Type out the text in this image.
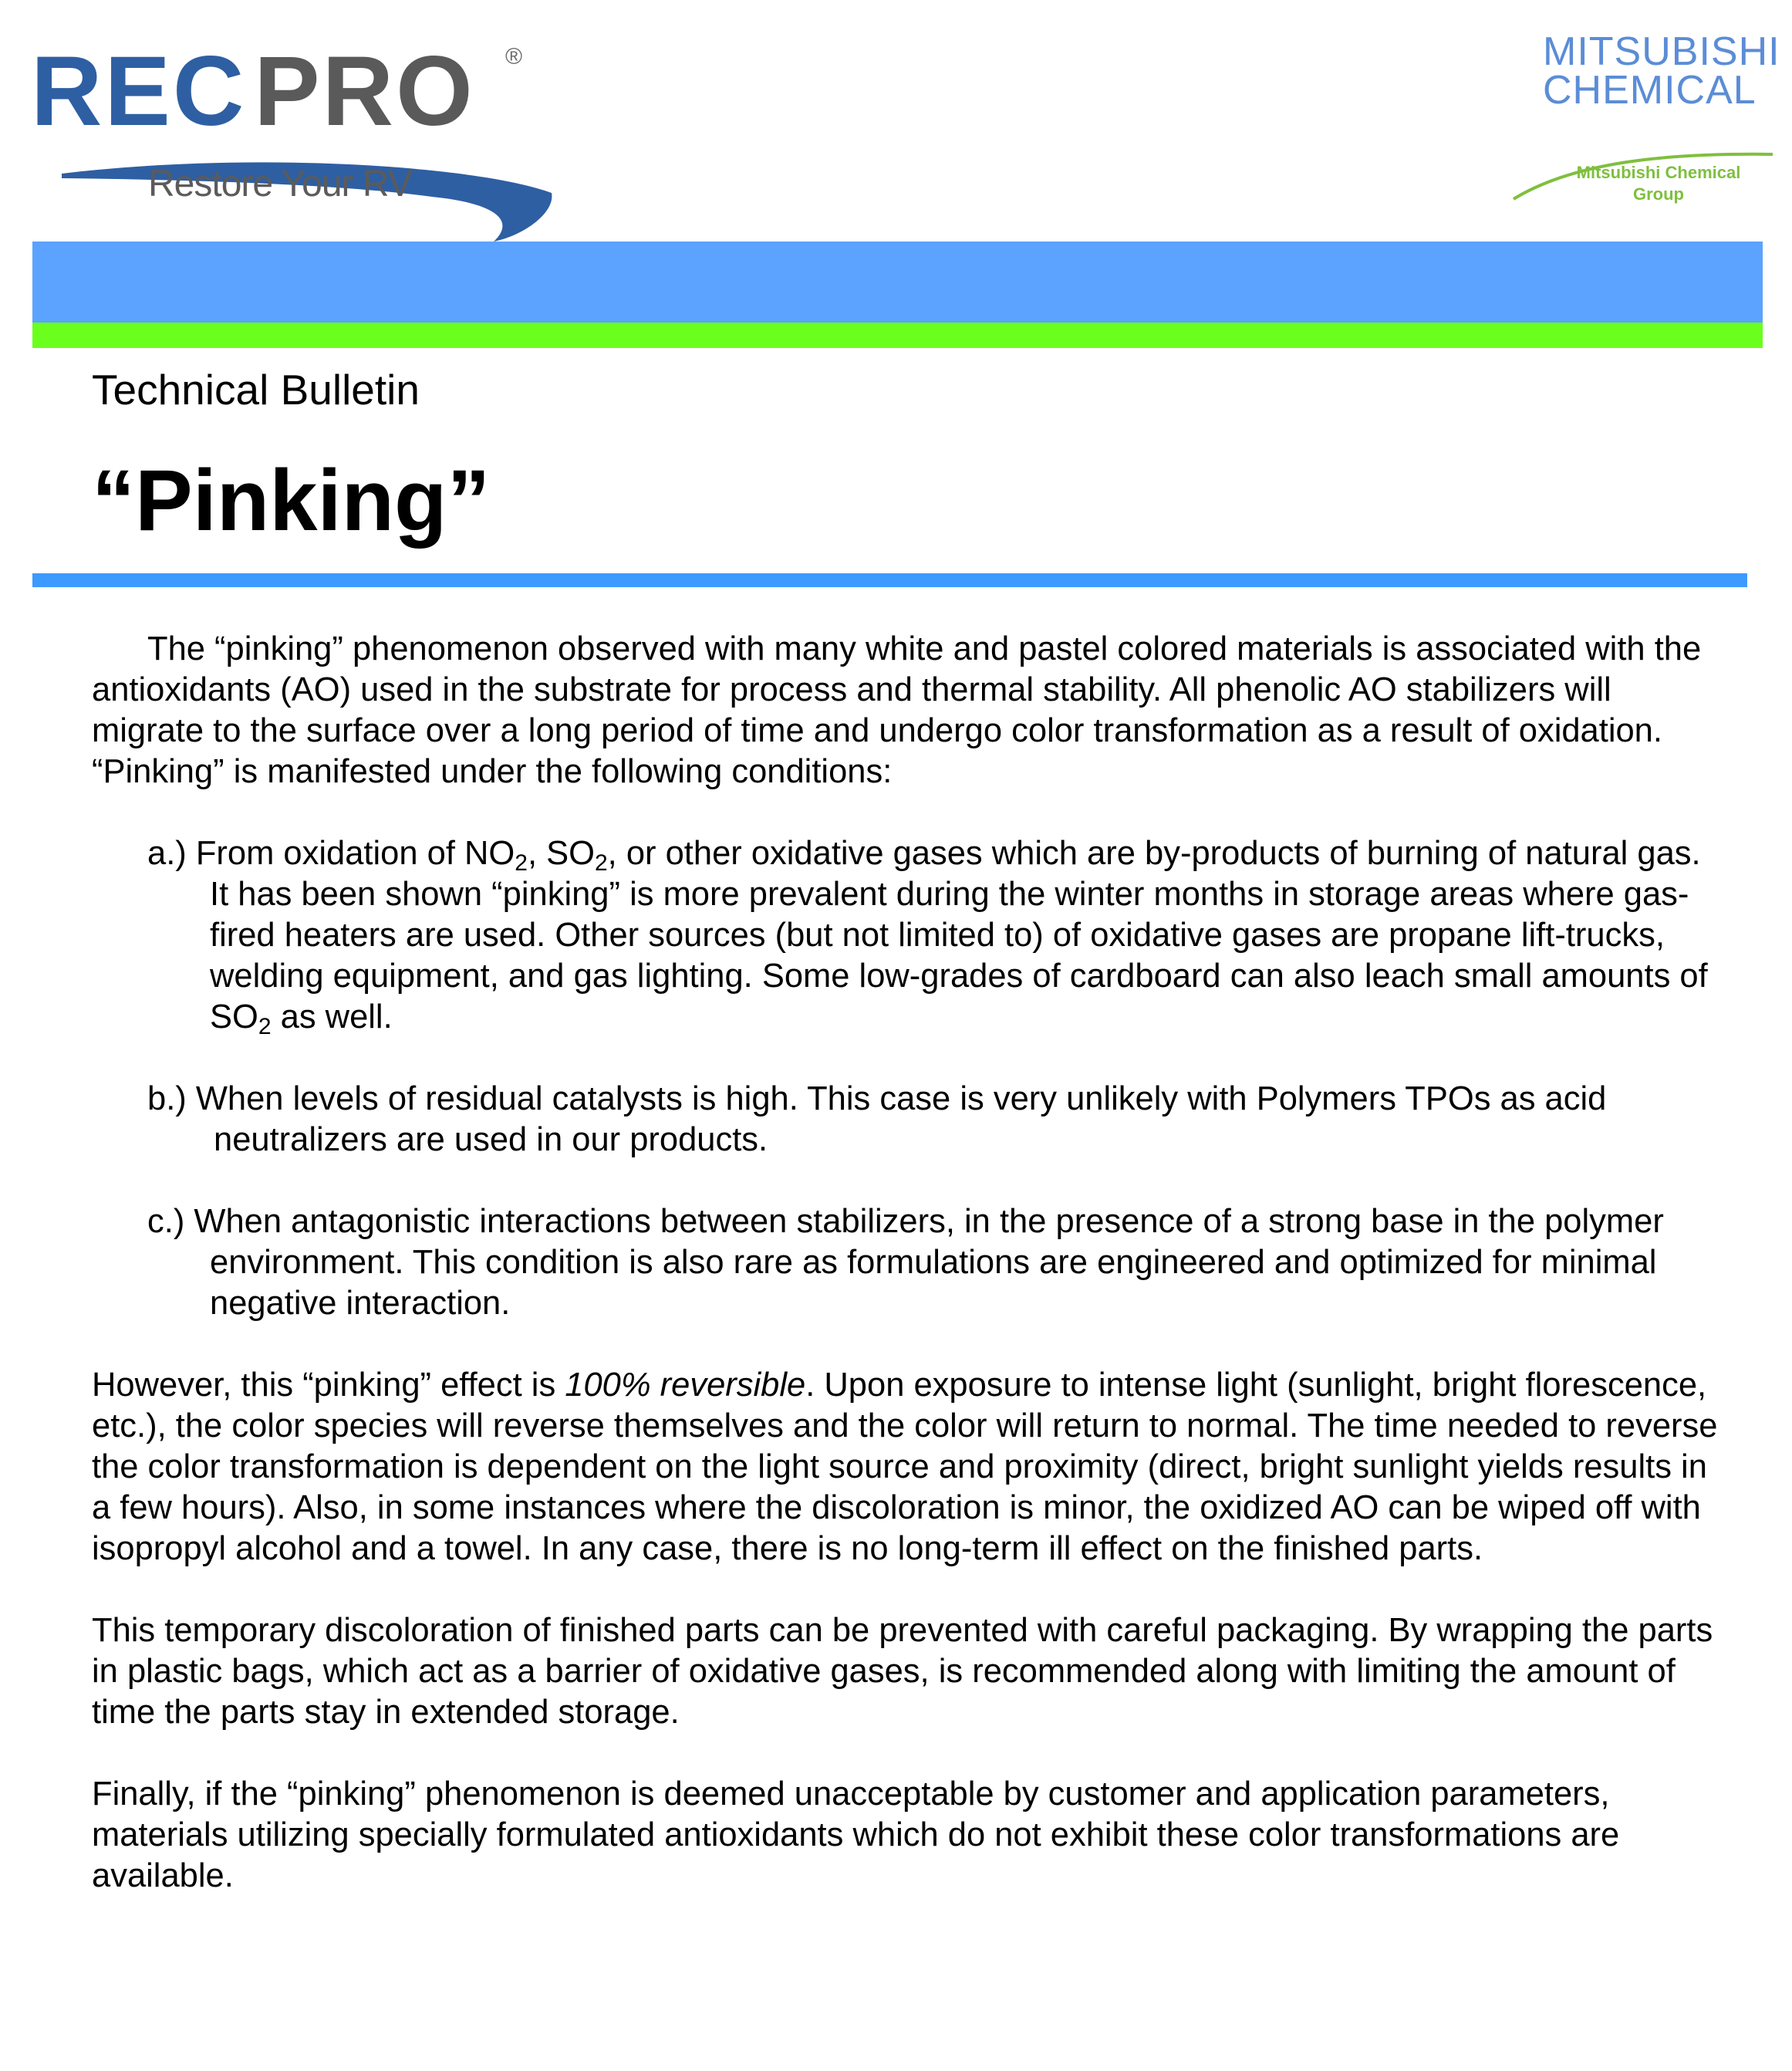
RECPRO ®
Restore Your RV
MITSUBISHI
CHEMICAL
Mitsubishi Chemical
Group
Technical Bulletin
“Pinking”

The “pinking” phenomenon observed with many white and pastel colored materials is associated with the antioxidants (AO) used in the substrate for process and thermal stability. All phenolic AO stabilizers will migrate to the surface over a long period of time and undergo color transformation as a result of oxidation. “Pinking” is manifested under the following conditions:

a.) From oxidation of $NO_2$, $SO_2$, or other oxidative gases which are by-products of burning of natural gas. It has been shown “pinking” is more prevalent during the winter months in storage areas where gas-fired heaters are used. Other sources (but not limited to) of oxidative gases are propane lift-trucks, welding equipment, and gas lighting. Some low-grades of cardboard can also leach small amounts of $SO_2$ as well.

b.) When levels of residual catalysts is high. This case is very unlikely with Polymers TPOs as acid neutralizers are used in our products.

c.) When antagonistic interactions between stabilizers, in the presence of a strong base in the polymer environment. This condition is also rare as formulations are engineered and optimized for minimal negative interaction.

However, this “pinking” effect is 100% reversible. Upon exposure to intense light (sunlight, bright florescence, etc.), the color species will reverse themselves and the color will return to normal. The time needed to reverse the color transformation is dependent on the light source and proximity (direct, bright sunlight yields results in a few hours). Also, in some instances where the discoloration is minor, the oxidized AO can be wiped off with isopropyl alcohol and a towel. In any case, there is no long-term ill effect on the finished parts.

This temporary discoloration of finished parts can be prevented with careful packaging. By wrapping the parts in plastic bags, which act as a barrier of oxidative gases, is recommended along with limiting the amount of time the parts stay in extended storage.

Finally, if the “pinking” phenomenon is deemed unacceptable by customer and application parameters, materials utilizing specially formulated antioxidants which do not exhibit these color transformations are available.
